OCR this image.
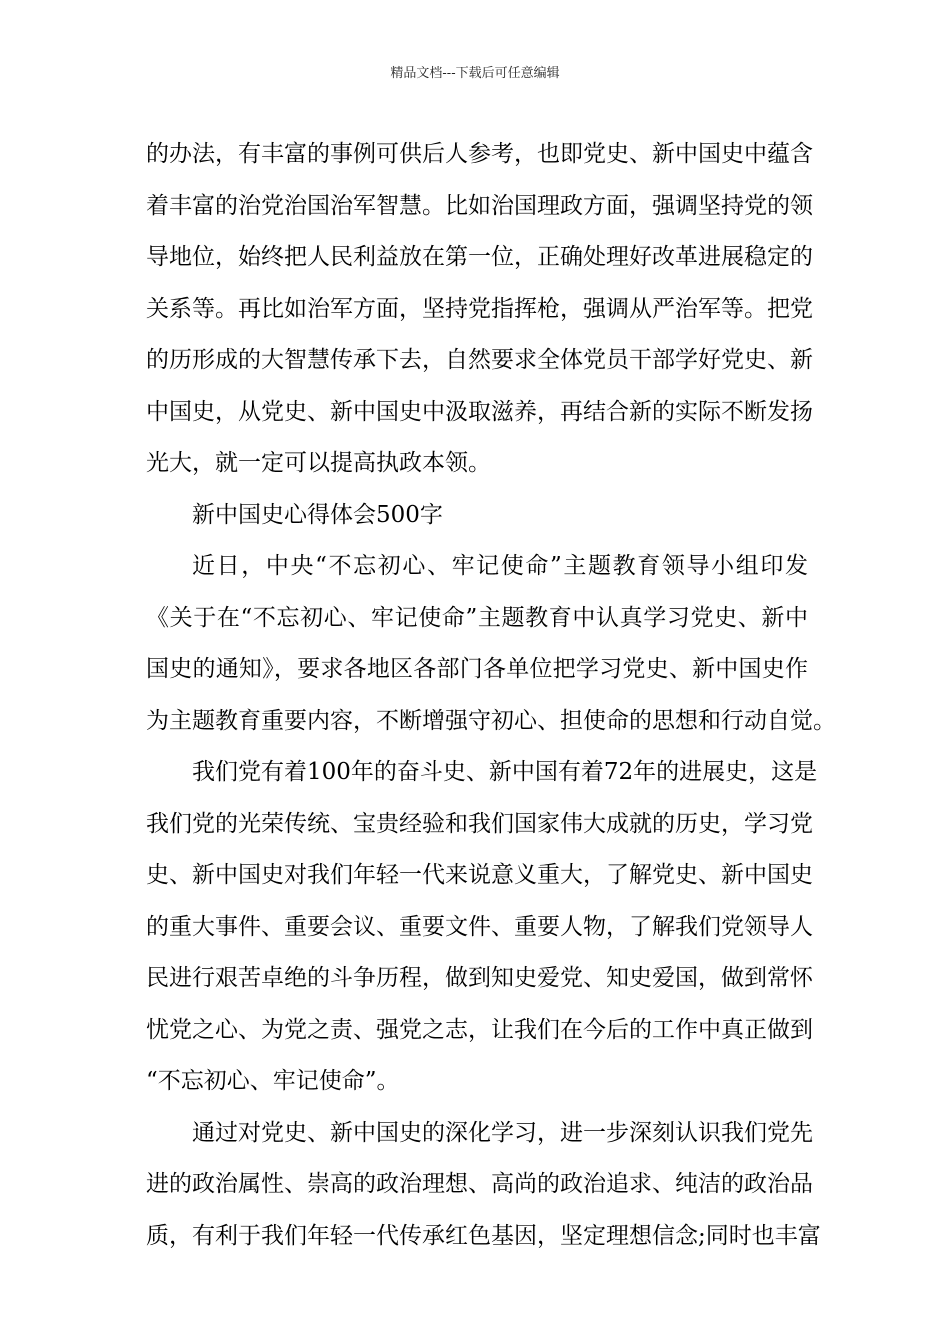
精品文档---下载后可任意编辑
的办法，有丰富的事例可供后人参考，也即党史、新中国史中蕴含
着丰富的治党治国治军智慧。比如治国理政方面，强调坚持党的领
导地位，始终把人民利益放在第一位，正确处理好改革进展稳定的
关系等。再比如治军方面，坚持党指挥枪，强调从严治军等。把党
的历形成的大智慧传承下去，自然要求全体党员干部学好党史、新
中国史，从党史、新中国史中汲取滋养，再结合新的实际不断发扬
光大，就一定可以提高执政本领。
新中国史心得体会500字
近日，中央“不忘初心、牢记使命”主题教育领导小组印发
《关于在“不忘初心、牢记使命”主题教育中认真学习党史、新中
国史的通知》，要求各地区各部门各单位把学习党史、新中国史作
为主题教育重要内容，不断增强守初心、担使命的思想和行动自觉。
我们党有着100年的奋斗史、新中国有着72年的进展史，这是
我们党的光荣传统、宝贵经验和我们国家伟大成就的历史，学习党
史、新中国史对我们年轻一代来说意义重大，了解党史、新中国史
的重大事件、重要会议、重要文件、重要人物，了解我们党领导人
民进行艰苦卓绝的斗争历程，做到知史爱党、知史爱国，做到常怀
忧党之心、为党之责、强党之志，让我们在今后的工作中真正做到
“不忘初心、牢记使命”。
通过对党史、新中国史的深化学习，进一步深刻认识我们党先
进的政治属性、崇高的政治理想、高尚的政治追求、纯洁的政治品
质，有利于我们年轻一代传承红色基因，坚定理想信念;同时也丰富
